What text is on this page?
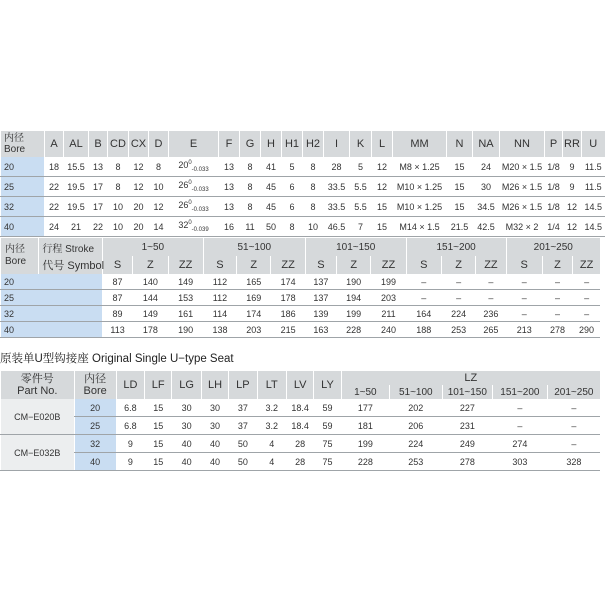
内径
Bore	A	AL	B	CD	CX	D	E	F	G	H	H1	H2	I	K	L	MM	N	NA	NN	P	RR	U
20	18	15.5	13	8	12	8	$20^0_{-0.033}$	13	8	41	5	8	28	5	12	M8 × 1.25	15	24	M20 × 1.5	1/8	9	11.5
25	22	19.5	17	8	12	10	$26^0_{-0.033}$	13	8	45	6	8	33.5	5.5	12	M10 × 1.25	15	30	M26 × 1.5	1/8	9	11.5
32	22	19.5	17	10	20	12	$26^0_{-0.033}$	13	8	45	6	8	33.5	5.5	15	M10 × 1.25	15	34.5	M26 × 1.5	1/8	12	14.5
40	24	21	22	10	20	14	$32^0_{-0.039}$	16	11	50	8	10	46.5	7	15	M14 × 1.5	21.5	42.5	M32 × 2	1/4	12	14.5
内径
Bore	行程 Stroke	1~50			51~100			101~150			151~200			201~250		
	代号 Symbol	S	Z	ZZ	S	Z	ZZ	S	Z	ZZ	S	Z	ZZ	S	Z	ZZ
20		87	140	149	112	165	174	137	190	199	–	–	–	–	–	–
25		87	144	153	112	169	178	137	194	203	–	–	–	–	–	–
32		89	149	161	114	174	186	139	199	211	164	224	236	–	–	–
40		113	178	190	138	203	215	163	228	240	188	253	265	213	278	290
原装单U型钩接座 Original Single U−type Seat
零件号
Part No.	内径
Bore	LD	LF	LG	LH	LP	LT	LV	LY	LZ				
										1~50	51~100	101~150	151~200	201~250
CM−E020B	20	6.8	15	30	30	37	3.2	18.4	59	177	202	227	–	–
	25	6.8	15	30	30	37	3.2	18.4	59	181	206	231	–	–
CM−E032B	32	9	15	40	40	50	4	28	75	199	224	249	274	–
	40	9	15	40	40	50	4	28	75	228	253	278	303	328
